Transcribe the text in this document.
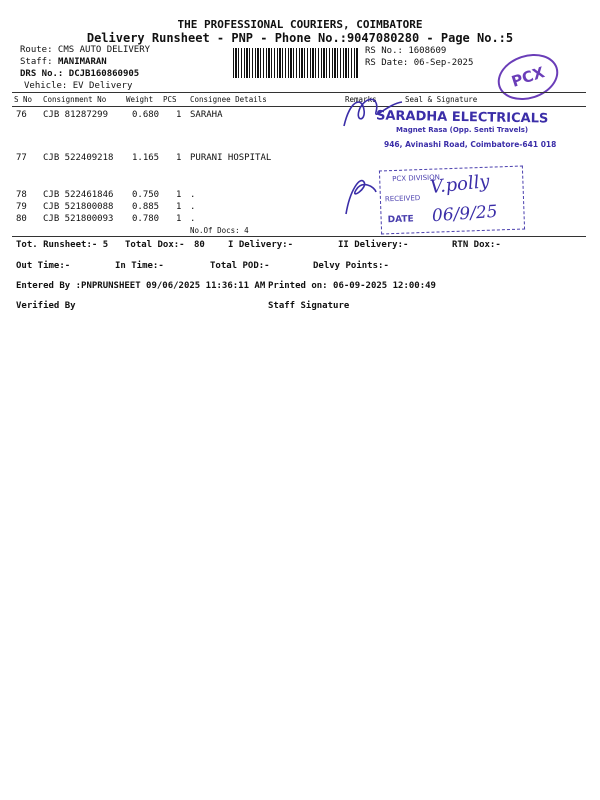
THE PROFESSIONAL COURIERS, COIMBATORE
Delivery Runsheet - PNP - Phone No.:9047080280 - Page No.:5
Route: CMS AUTO DELIVERY
Staff: MANIMARAN
DRS No.: DCJB160860905
Vehicle: EV Delivery
RS No.: 1608609
RS Date: 06-Sep-2025
PCX
S No Consignment No	Weight PCS Consignee Details	Remarks	Seal & Signature
76 CJB 81287299	0.680 1 SARAHA
77 CJB 522409218 1.165 1 PURANI HOSPITAL
78 CJB 522461846 0.750 1 .
79 CJB 521800088 0.885 1 .
80 CJB 521800093 0.780 1 .
No.Of Docs: 4
SARADHA ELECTRICALS
Magnet Rasa (Opp. Senti Travels)
946, Avinashi Road, Coimbatore-641 018
PCX DIVISION
RECEIVED
DATE
V.polly
06/9/25
Tot. Runsheet:- 5 Total Dox:- 80	I Delivery:-	II Delivery:-	RTN Dox:-
Out Time:-	In Time:-	Total POD:-	Delvy Points:-
Entered By :PNPRUNSHEET 09/06/2025 11:36:11 AM Printed on: 06-09-2025 12:00:49
Verified By	Staff Signature
